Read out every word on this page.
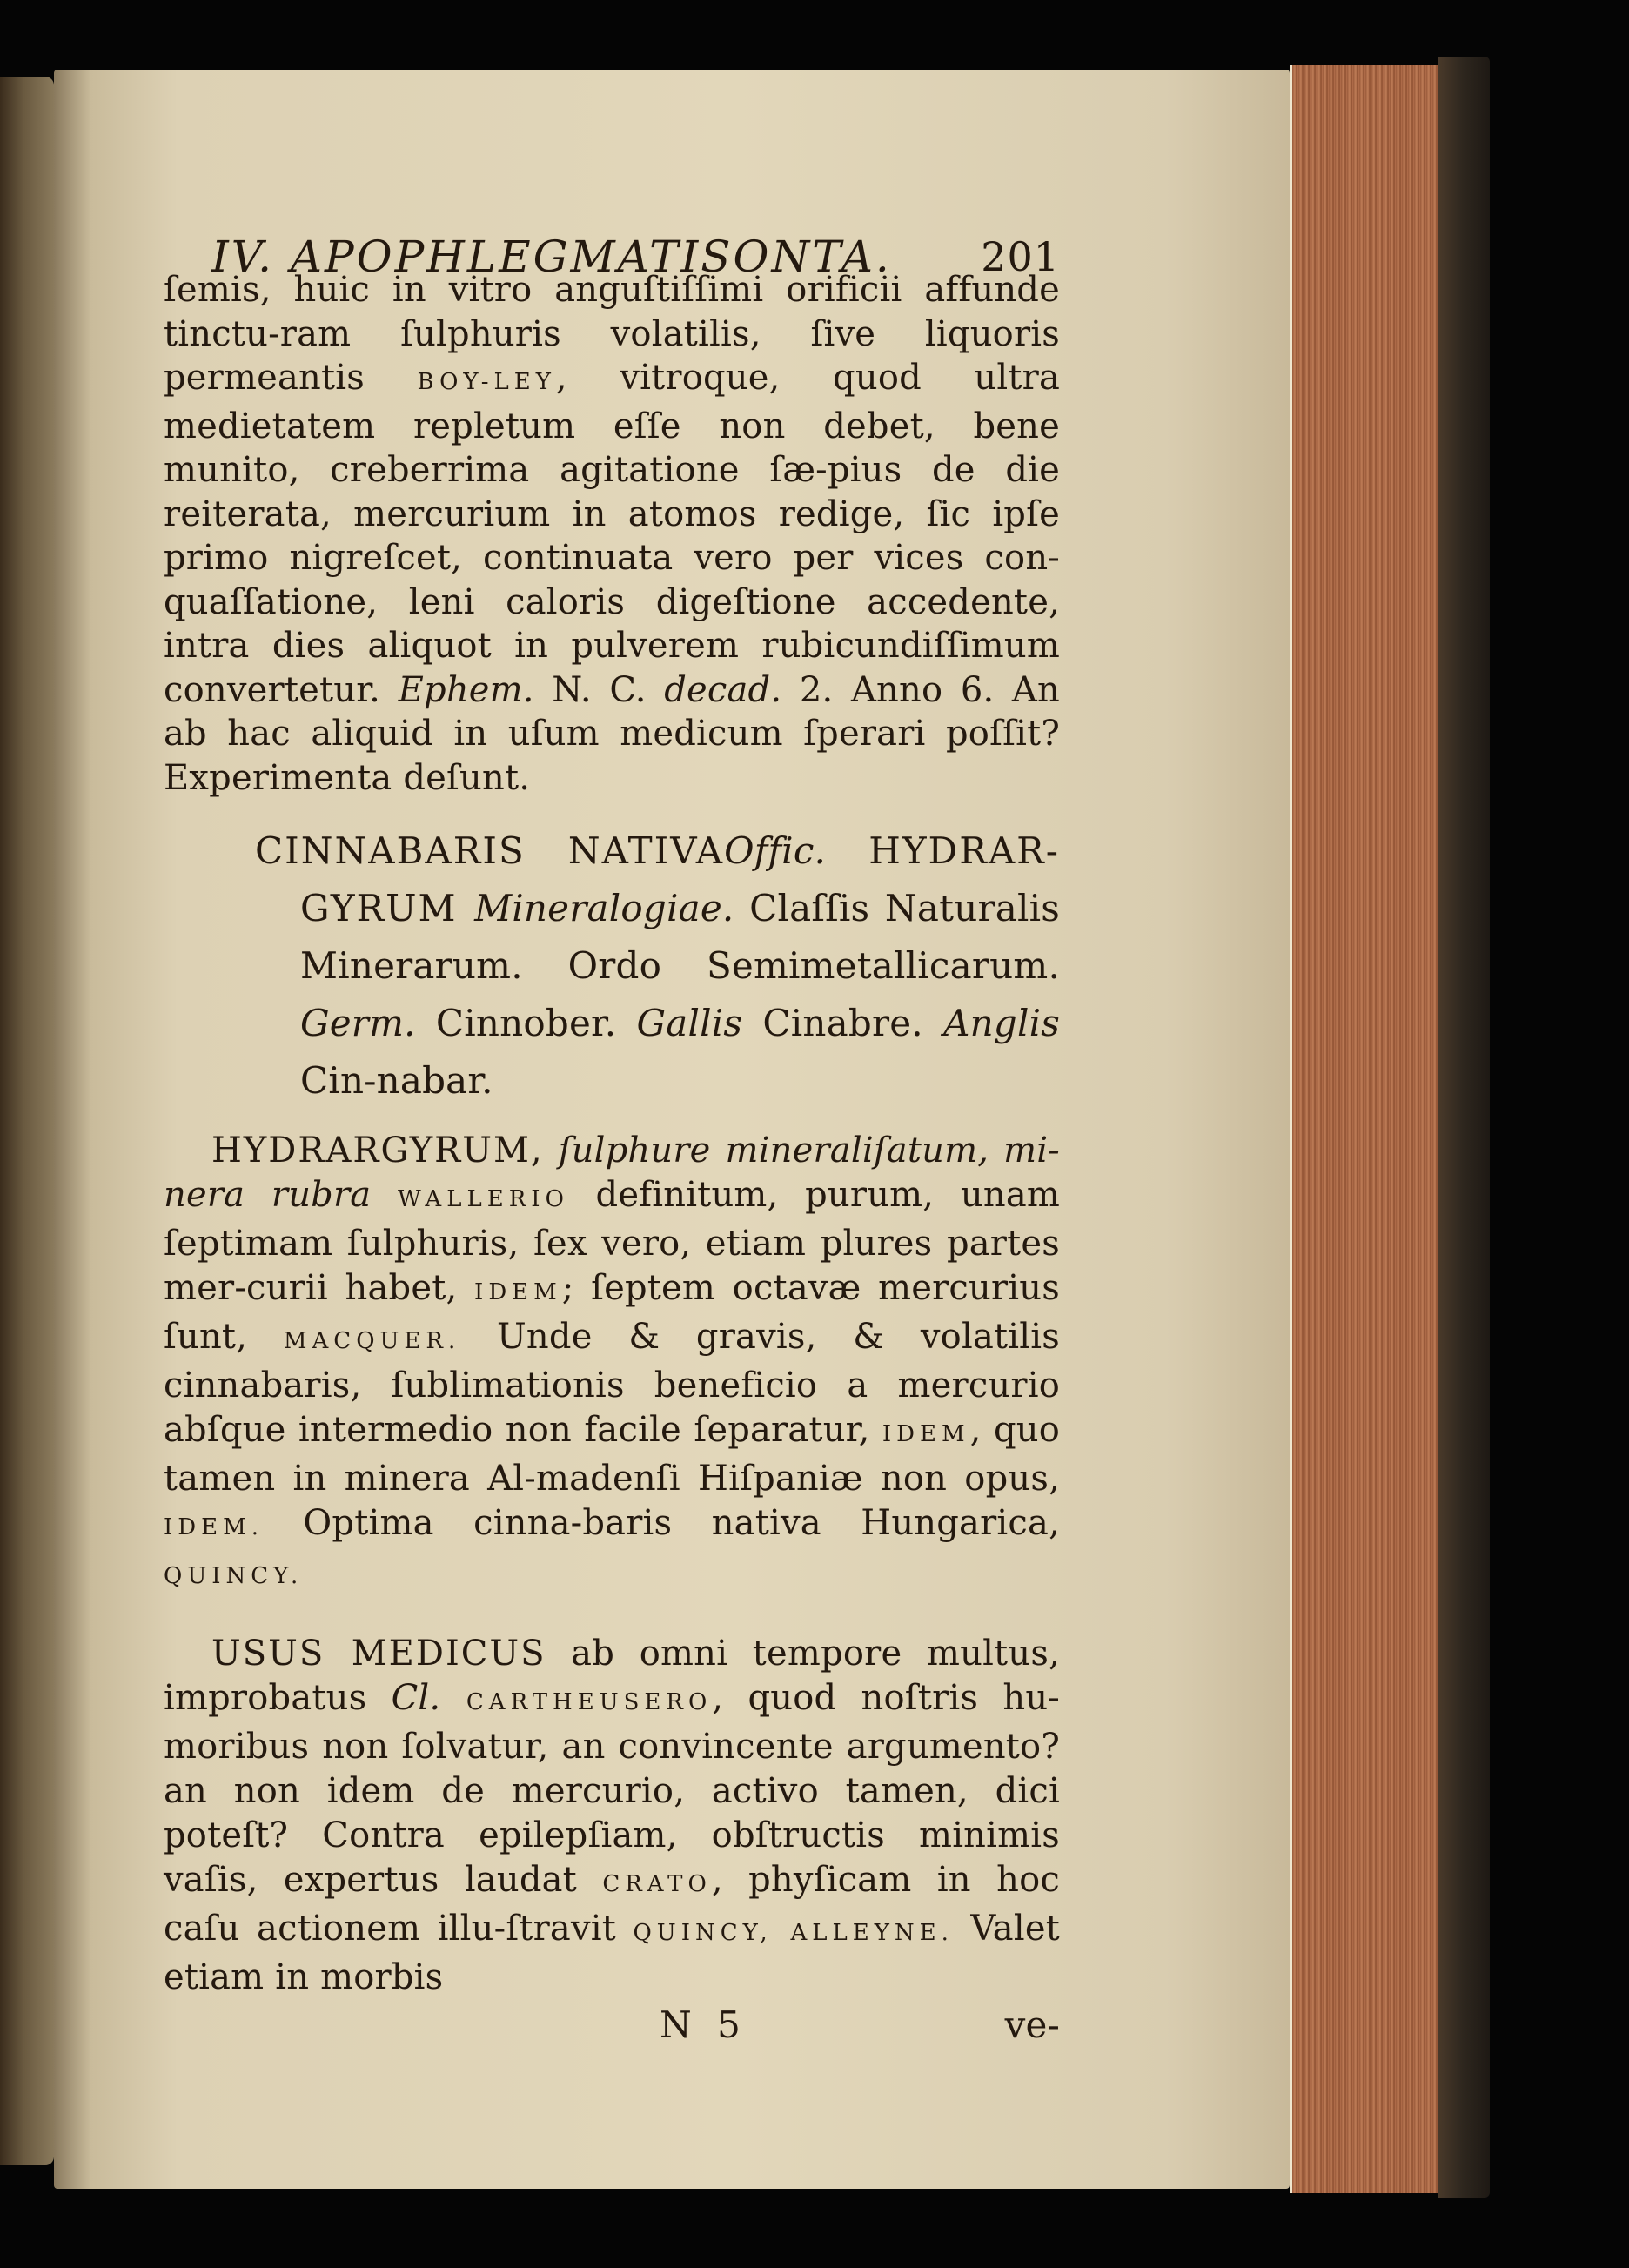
IV. APOPHLEGMATISONTA. 201

ſemis, huic in vitro anguſtiſſimi orificii affunde tinctu-ram ſulphuris volatilis, ſive liquoris permeantis BOY-LEY, vitroque, quod ultra medietatem repletum eſſe non debet, bene munito, creberrima agitatione ſæ-pius de die reiterata, mercurium in atomos redige, ſic ipſe primo nigreſcet, continuata vero per vices con-quaſſatione, leni caloris digeſtione accedente, intra dies aliquot in pulverem rubicundiſſimum convertetur. Ephem. N. C. decad. 2. Anno 6. An ab hac aliquid in uſum medicum ſperari poſſit? Experimenta deſunt.

CINNABARIS NATIVAOffic. HYDRAR-GYRUM Mineralogiae. Claſſis Naturalis Minerarum. Ordo Semimetallicarum. Germ. Cinnober. Gallis Cinabre. Anglis Cin-nabar.

HYDRARGYRUM, ſulphure mineraliſatum, mi-nera rubra WALLERIO definitum, purum, unam ſeptimam ſulphuris, ſex vero, etiam plures partes mer-curii habet, IDEM; ſeptem octavæ mercurius ſunt, MACQUER. Unde & gravis, & volatilis cinnabaris, ſublimationis beneficio a mercurio abſque intermedio non facile ſeparatur, IDEM, quo tamen in minera Al-madenſi Hiſpaniæ non opus, IDEM. Optima cinna-baris nativa Hungarica, QUINCY.

USUS MEDICUS ab omni tempore multus, improbatus Cl. CARTHEUSERO, quod noſtris hu-moribus non ſolvatur, an convincente argumento? an non idem de mercurio, activo tamen, dici poteſt? Contra epilepſiam, obſtructis minimis vaſis, expertus laudat CRATO, phyſicam in hoc caſu actionem illu-ſtravit QUINCY, ALLEYNE. Valet etiam in morbis

N 5	ve-
